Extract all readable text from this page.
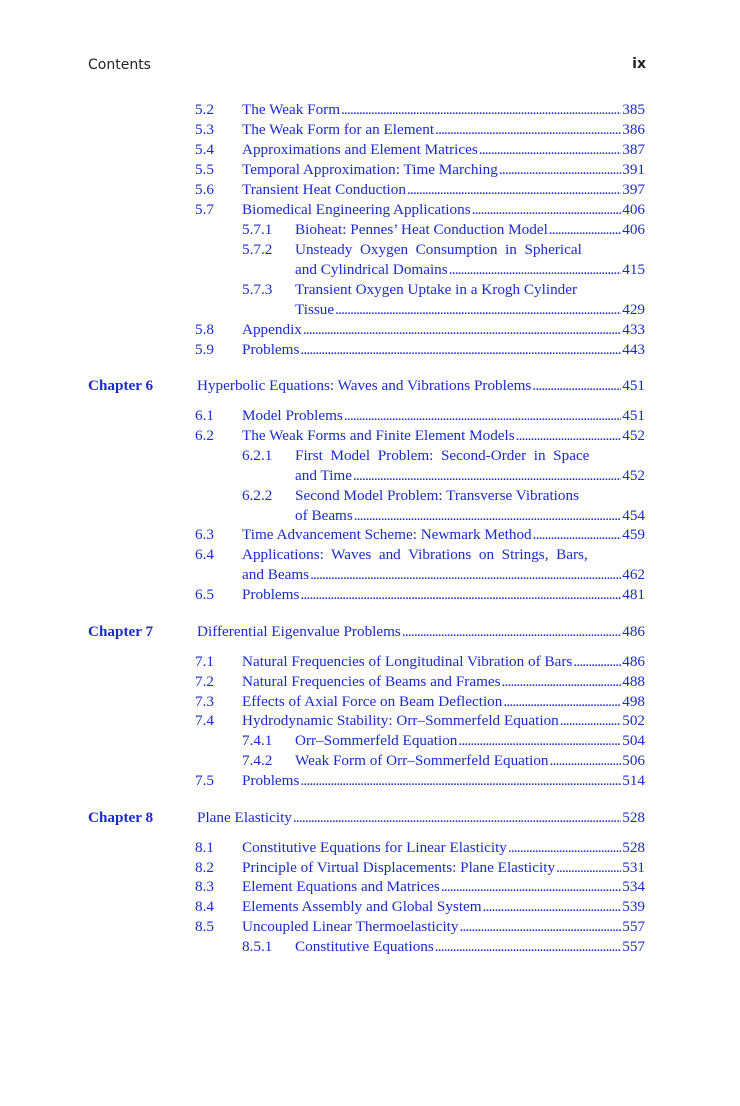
Contents	ix
5.2 The Weak Form . . .	385
5.3 The Weak Form for an Element . . .	386
5.4 Approximations and Element Matrices . . .	387
5.5 Temporal Approximation: Time Marching . . .	391
5.6 Transient Heat Conduction . . .	397
5.7 Biomedical Engineering Applications . . .	406
5.7.1 Bioheat: Pennes’ Heat Conduction Model . . .	406
5.7.2 Unsteady  Oxygen  Consumption  in  Spherical
and Cylindrical Domains . . .	415
5.7.3 Transient Oxygen Uptake in a Krogh Cylinder
Tissue . . .	429
5.8 Appendix . . .	433
5.9 Problems . . .	443
Chapter 6	Hyperbolic Equations: Waves and Vibrations Problems . . .	451
6.1 Model Problems . . .	451
6.2 The Weak Forms and Finite Element Models . . .	452
6.2.1 First  Model  Problem:  Second-Order  in  Space
and Time . . .	452
6.2.2 Second Model Problem: Transverse Vibrations
of Beams . . .	454
6.3 Time Advancement Scheme: Newmark Method . . .	459
6.4 Applications:  Waves  and  Vibrations  on  Strings,  Bars,
and Beams . . .	462
6.5 Problems . . .	481
Chapter 7	Differential Eigenvalue Problems . . .	486
7.1 Natural Frequencies of Longitudinal Vibration of Bars . . .	486
7.2 Natural Frequencies of Beams and Frames . . .	488
7.3 Effects of Axial Force on Beam Deflection . . .	498
7.4 Hydrodynamic Stability: Orr–Sommerfeld Equation . . .	502
7.4.1 Orr–Sommerfeld Equation . . .	504
7.4.2 Weak Form of Orr–Sommerfeld Equation . . .	506
7.5 Problems . . .	514
Chapter 8	Plane Elasticity . . .	528
8.1 Constitutive Equations for Linear Elasticity . . .	528
8.2 Principle of Virtual Displacements: Plane Elasticity . . .	531
8.3 Element Equations and Matrices . . .	534
8.4 Elements Assembly and Global System . . .	539
8.5 Uncoupled Linear Thermoelasticity . . .	557
8.5.1 Constitutive Equations . . .	557
